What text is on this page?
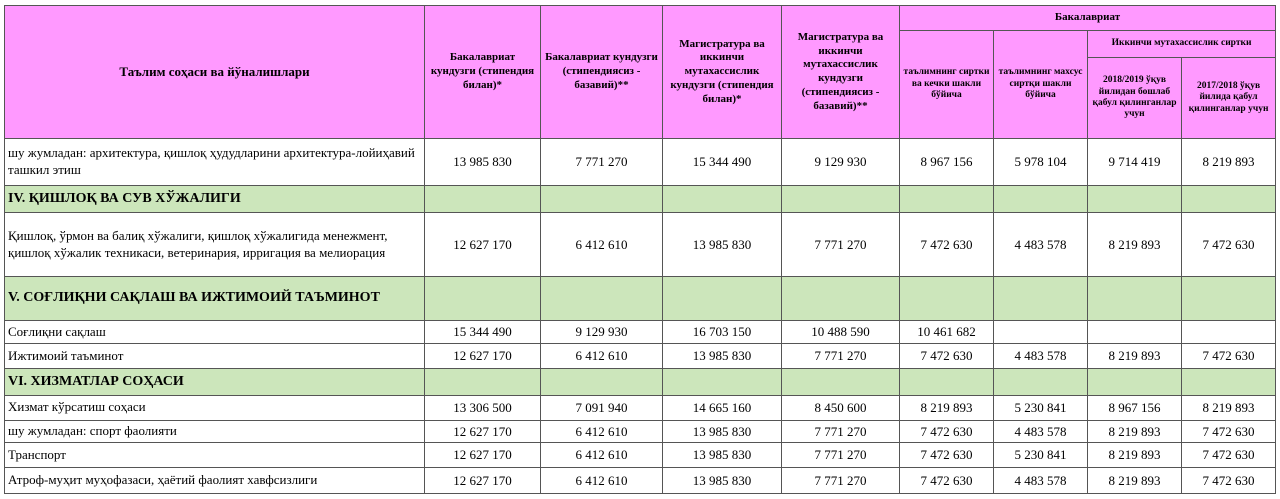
Таълим соҳаси ва йўналишлари	Бакалавриат кундузги (стипендия билан)*	Бакалавриат кундузги (стипендиясиз - базавий)**	Магистратура ва иккинчи мутахассислик кундузги (стипендия билан)*	Магистратура ва иккинчи мутахассислик кундузги (стипендиясиз - базавий)**	Бакалавриат			
					таълимнинг сиртки ва кечки шакли бўйича	таълимнинг махсус сиртқи шакли бўйича	Иккинчи мутахассислик сиртки	
							2018/2019 ўқув йилидан бошлаб қабул қилинганлар учун	2017/2018 ўқув йилида қабул қилинганлар учун
шу жумладан: архитектура, қишлоқ ҳудудларини архитектура-лойиҳавий ташкил этиш	13 985 830	7 771 270	15 344 490	9 129 930	8 967 156	5 978 104	9 714 419	8 219 893
IV. ҚИШЛОҚ ВА СУВ ХЎЖАЛИГИ								
Қишлоқ, ўрмон ва балиқ хўжалиги, қишлоқ хўжалигида менежмент, қишлоқ хўжалик техникаси, ветеринария, ирригация ва мелиорация	12 627 170	6 412 610	13 985 830	7 771 270	7 472 630	4 483 578	8 219 893	7 472 630
V. СОҒЛИҚНИ САҚЛАШ ВА ИЖТИМОИЙ ТАЪМИНОТ								
Соғлиқни сақлаш	15 344 490	9 129 930	16 703 150	10 488 590	10 461 682			
Ижтимоий таъминот	12 627 170	6 412 610	13 985 830	7 771 270	7 472 630	4 483 578	8 219 893	7 472 630
VI. ХИЗМАТЛАР СОҲАСИ								
Хизмат кўрсатиш соҳаси	13 306 500	7 091 940	14 665 160	8 450 600	8 219 893	5 230 841	8 967 156	8 219 893
шу жумладан: спорт фаолияти	12 627 170	6 412 610	13 985 830	7 771 270	7 472 630	4 483 578	8 219 893	7 472 630
Транспорт	12 627 170	6 412 610	13 985 830	7 771 270	7 472 630	5 230 841	8 219 893	7 472 630
Атроф-муҳит муҳофазаси, ҳаётий фаолият хавфсизлиги	12 627 170	6 412 610	13 985 830	7 771 270	7 472 630	4 483 578	8 219 893	7 472 630
